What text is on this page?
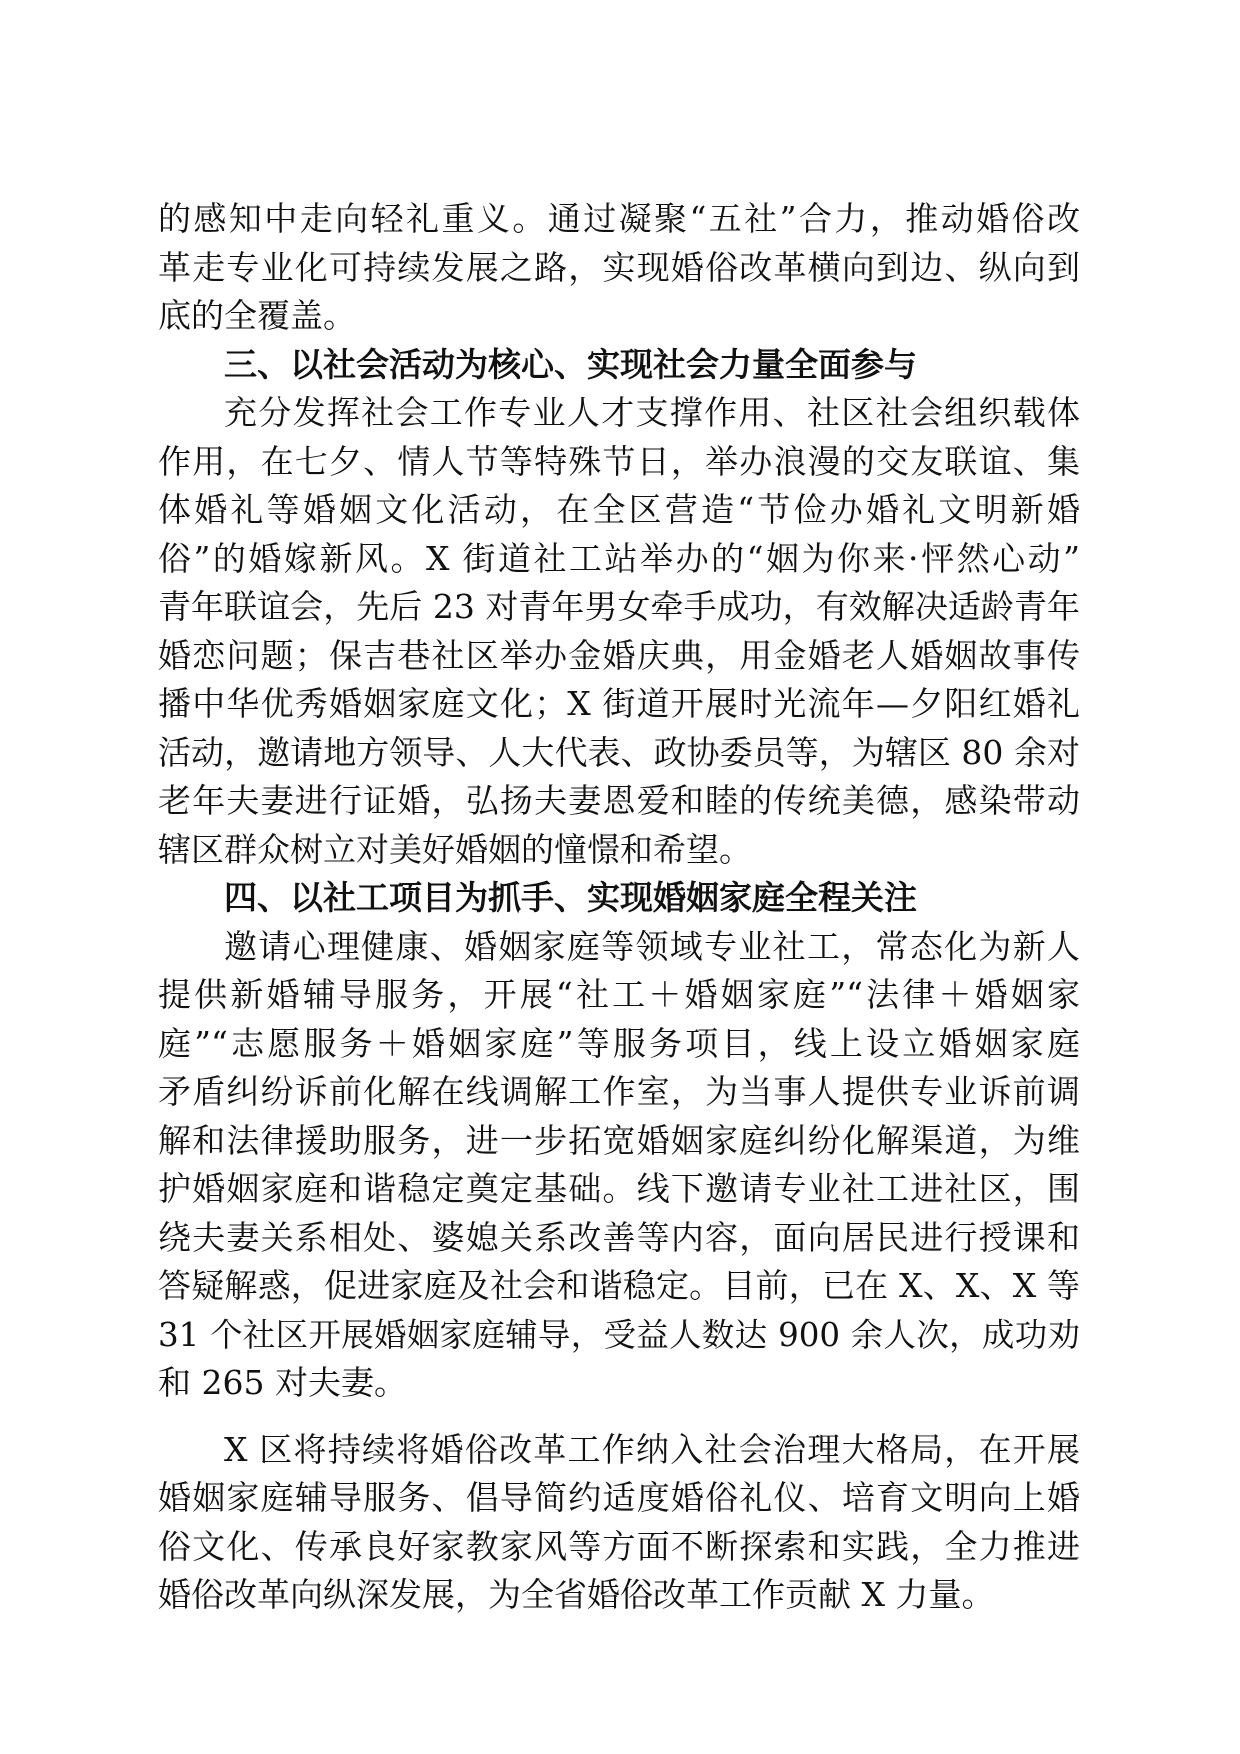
的感知中走向轻礼重义。通过凝聚“五社”合力，推动婚俗改
革走专业化可持续发展之路，实现婚俗改革横向到边、纵向到
底的全覆盖。
三、以社会活动为核心、实现社会力量全面参与
充分发挥社会工作专业人才支撑作用、社区社会组织载体
作用，在七夕、情人节等特殊节日，举办浪漫的交友联谊、集
体婚礼等婚姻文化活动，在全区营造“节俭办婚礼文明新婚
俗”的婚嫁新风。X 街道社工站举办的“姻为你来·怦然心动”
青年联谊会，先后 23 对青年男女牵手成功，有效解决适龄青年
婚恋问题；保吉巷社区举办金婚庆典，用金婚老人婚姻故事传
播中华优秀婚姻家庭文化；X 街道开展时光流年—夕阳红婚礼
活动，邀请地方领导、人大代表、政协委员等，为辖区 80 余对
老年夫妻进行证婚，弘扬夫妻恩爱和睦的传统美德，感染带动
辖区群众树立对美好婚姻的憧憬和希望。
四、以社工项目为抓手、实现婚姻家庭全程关注
邀请心理健康、婚姻家庭等领域专业社工，常态化为新人
提供新婚辅导服务，开展“社工＋婚姻家庭”“法律＋婚姻家
庭”“志愿服务＋婚姻家庭”等服务项目，线上设立婚姻家庭
矛盾纠纷诉前化解在线调解工作室，为当事人提供专业诉前调
解和法律援助服务，进一步拓宽婚姻家庭纠纷化解渠道，为维
护婚姻家庭和谐稳定奠定基础。线下邀请专业社工进社区，围
绕夫妻关系相处、婆媳关系改善等内容，面向居民进行授课和
答疑解惑，促进家庭及社会和谐稳定。目前，已在 X、X、X 等
31 个社区开展婚姻家庭辅导，受益人数达 900 余人次，成功劝
和 265 对夫妻。
X 区将持续将婚俗改革工作纳入社会治理大格局，在开展
婚姻家庭辅导服务、倡导简约适度婚俗礼仪、培育文明向上婚
俗文化、传承良好家教家风等方面不断探索和实践，全力推进
婚俗改革向纵深发展，为全省婚俗改革工作贡献 X 力量。
